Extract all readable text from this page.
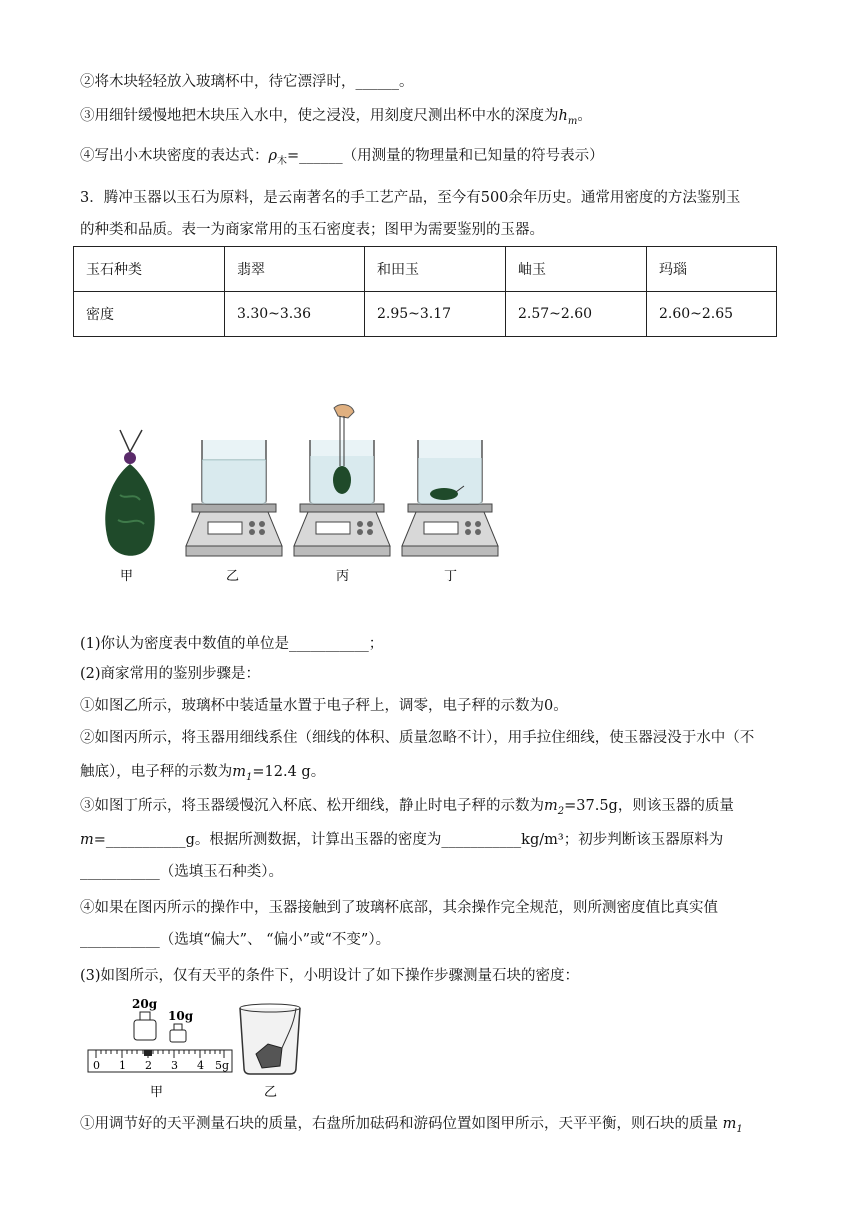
②将木块轻轻放入玻璃杯中，待它漂浮时，______。
③用细针缓慢地把木块压入水中，使之浸没，用刻度尺测出杯中水的深度为$h_m$。
④写出小木块密度的表达式：$\rho_木=\_\_\_\_\_\_$（用测量的物理量和已知量的符号表示）
3．腾冲玉器以玉石为原料，是云南著名的手工艺产品，至今有500余年历史。通常用密度的方法鉴别玉
的种类和品质。表一为商家常用的玉石密度表；图甲为需要鉴别的玉器。
玉石种类	翡翠	和田玉	岫玉	玛瑙
密度	3.30~3.36	2.95~3.17	2.57~2.60	2.60~2.65
甲	乙	丙	丁
(1)你认为密度表中数值的单位是___________；
(2)商家常用的鉴别步骤是：
①如图乙所示，玻璃杯中装适量水置于电子秤上，调零，电子秤的示数为0。
②如图丙所示，将玉器用细线系住（细线的体积、质量忽略不计），用手拉住细线，使玉器浸没于水中（不
触底），电子秤的示数为$m_1=12.4$ g。
③如图丁所示，将玉器缓慢沉入杯底、松开细线，静止时电子秤的示数为$m_2=37.5g$，则该玉器的质量
m=___________g。根据所测数据，计算出玉器的密度为___________kg/m³；初步判断该玉器原料为
___________（选填玉石种类）。
④如果在图丙所示的操作中，玉器接触到了玻璃杯底部，其余操作完全规范，则所测密度值比真实值
___________（选填“偏大”、 “偏小”或“不变”）。
(3)如图所示，仅有天平的条件下，小明设计了如下操作步骤测量石块的密度：
20g
10g
0 1 2 3 4 5g
甲	乙
①用调节好的天平测量石块的质量，右盘所加砝码和游码位置如图甲所示，天平平衡，则石块的质量 $m_1$
